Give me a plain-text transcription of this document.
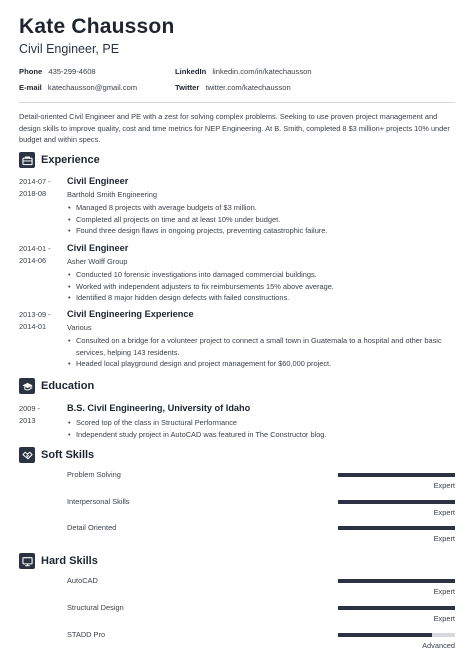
Kate Chausson
Civil Engineer, PE
Phone 435-299-4608	LinkedIn linkedin.com/in/katechausson
E-mail katechausson@gmail.com	Twitter twitter.com/katechausson
Detail-oriented Civil Engineer and PE with a zest for solving complex problems. Seeking to use proven project management and design skills to improve quality, cost and time metrics for NEP Engineering. At B. Smith, completed 8 $3 million+ projects 10% under budget and within specs.
Experience
2014-07 -
2018-08
Civil Engineer
Barthold Smith Engineering
• Managed 8 projects with average budgets of $3 million.
• Completed all projects on time and at least 10% under budget.
• Found three design flaws in ongoing projects, preventing catastrophic failure.
2014-01 -
2014-06
Civil Engineer
Asher Wolff Group
• Conducted 10 forensic investigations into damaged commercial buildings.
• Worked with independent adjusters to fix reimbursements 15% above average.
• Identified 8 major hidden design defects with failed constructions.
2013-09 -
2014-01
Civil Engineering Experience
Various
• Consulted on a bridge for a volunteer project to connect a small town in Guatemala to a hospital and other basic services, helping 143 residents.
• Headed local playground design and project management for $60,000 project.
Education
2009 -
2013
B.S. Civil Engineering, University of Idaho
• Scored top of the class in Structural Performance
• Independent study project in AutoCAD was featured in The Constructor blog.
Soft Skills
Problem Solving
Expert
Interpersonal Skills
Expert
Detail Oriented
Expert
Hard Skills
AutoCAD
Expert
Structural Design
Expert
STADD Pro
Advanced
